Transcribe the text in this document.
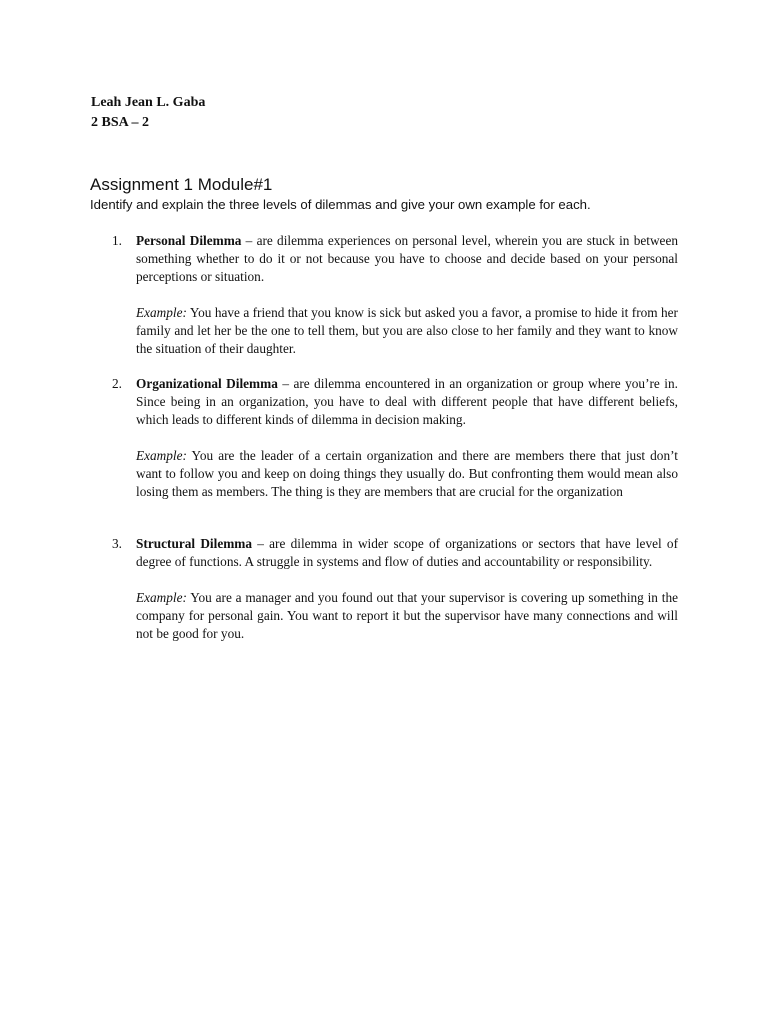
Leah Jean L. Gaba
2 BSA – 2
Assignment 1 Module#1
Identify and explain the three levels of dilemmas and give your own example for each.
1. Personal Dilemma – are dilemma experiences on personal level, wherein you are stuck in between something whether to do it or not because you have to choose and decide based on your personal perceptions or situation.

Example: You have a friend that you know is sick but asked you a favor, a promise to hide it from her family and let her be the one to tell them, but you are also close to her family and they want to know the situation of their daughter.

2. Organizational Dilemma – are dilemma encountered in an organization or group where you’re in. Since being in an organization, you have to deal with different people that have different beliefs, which leads to different kinds of dilemma in decision making.

Example: You are the leader of a certain organization and there are members there that just don’t want to follow you and keep on doing things they usually do. But confronting them would mean also losing them as members. The thing is they are members that are crucial for the organization

3. Structural Dilemma – are dilemma in wider scope of organizations or sectors that have level of degree of functions. A struggle in systems and flow of duties and accountability or responsibility.

Example: You are a manager and you found out that your supervisor is covering up something in the company for personal gain. You want to report it but the supervisor have many connections and will not be good for you.
